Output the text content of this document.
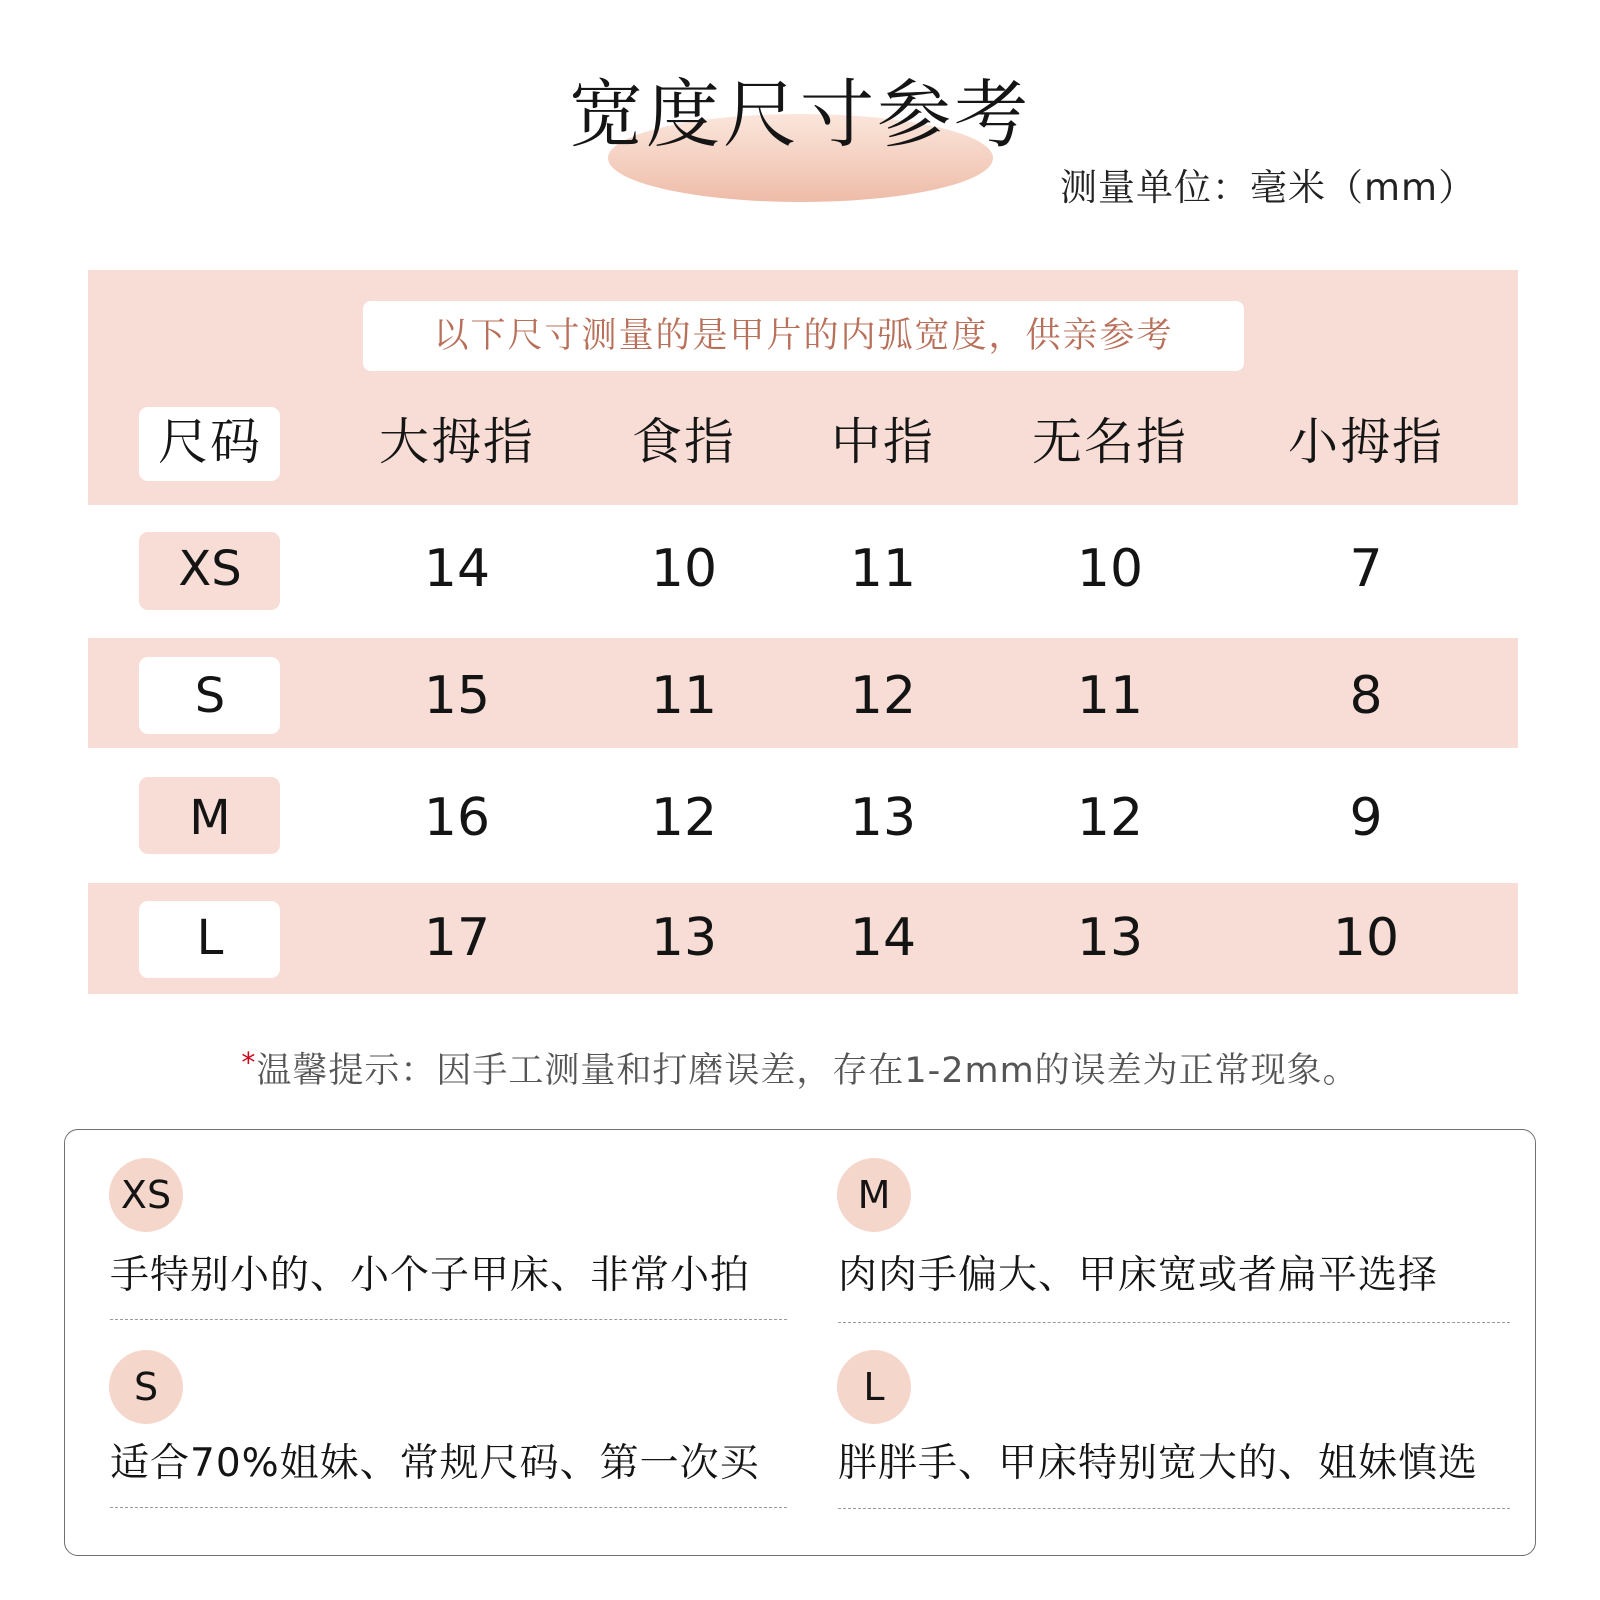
宽度尺寸参考
测量单位：毫米（mm）
以下尺寸测量的是甲片的内弧宽度，供亲参考
尺码	大拇指	食指	中指	无名指	小拇指
XS	14	10	11	10	7
S	15	11	12	11	8
M	16	12	13	12	9
L	17	13	14	13	10
*温馨提示：因手工测量和打磨误差，存在1-2mm的误差为正常现象。
XS
手特别小的、小个子甲床、非常小拍
M
肉肉手偏大、甲床宽或者扁平选择
S
适合70%姐妹、常规尺码、第一次买
L
胖胖手、甲床特别宽大的、姐妹慎选
